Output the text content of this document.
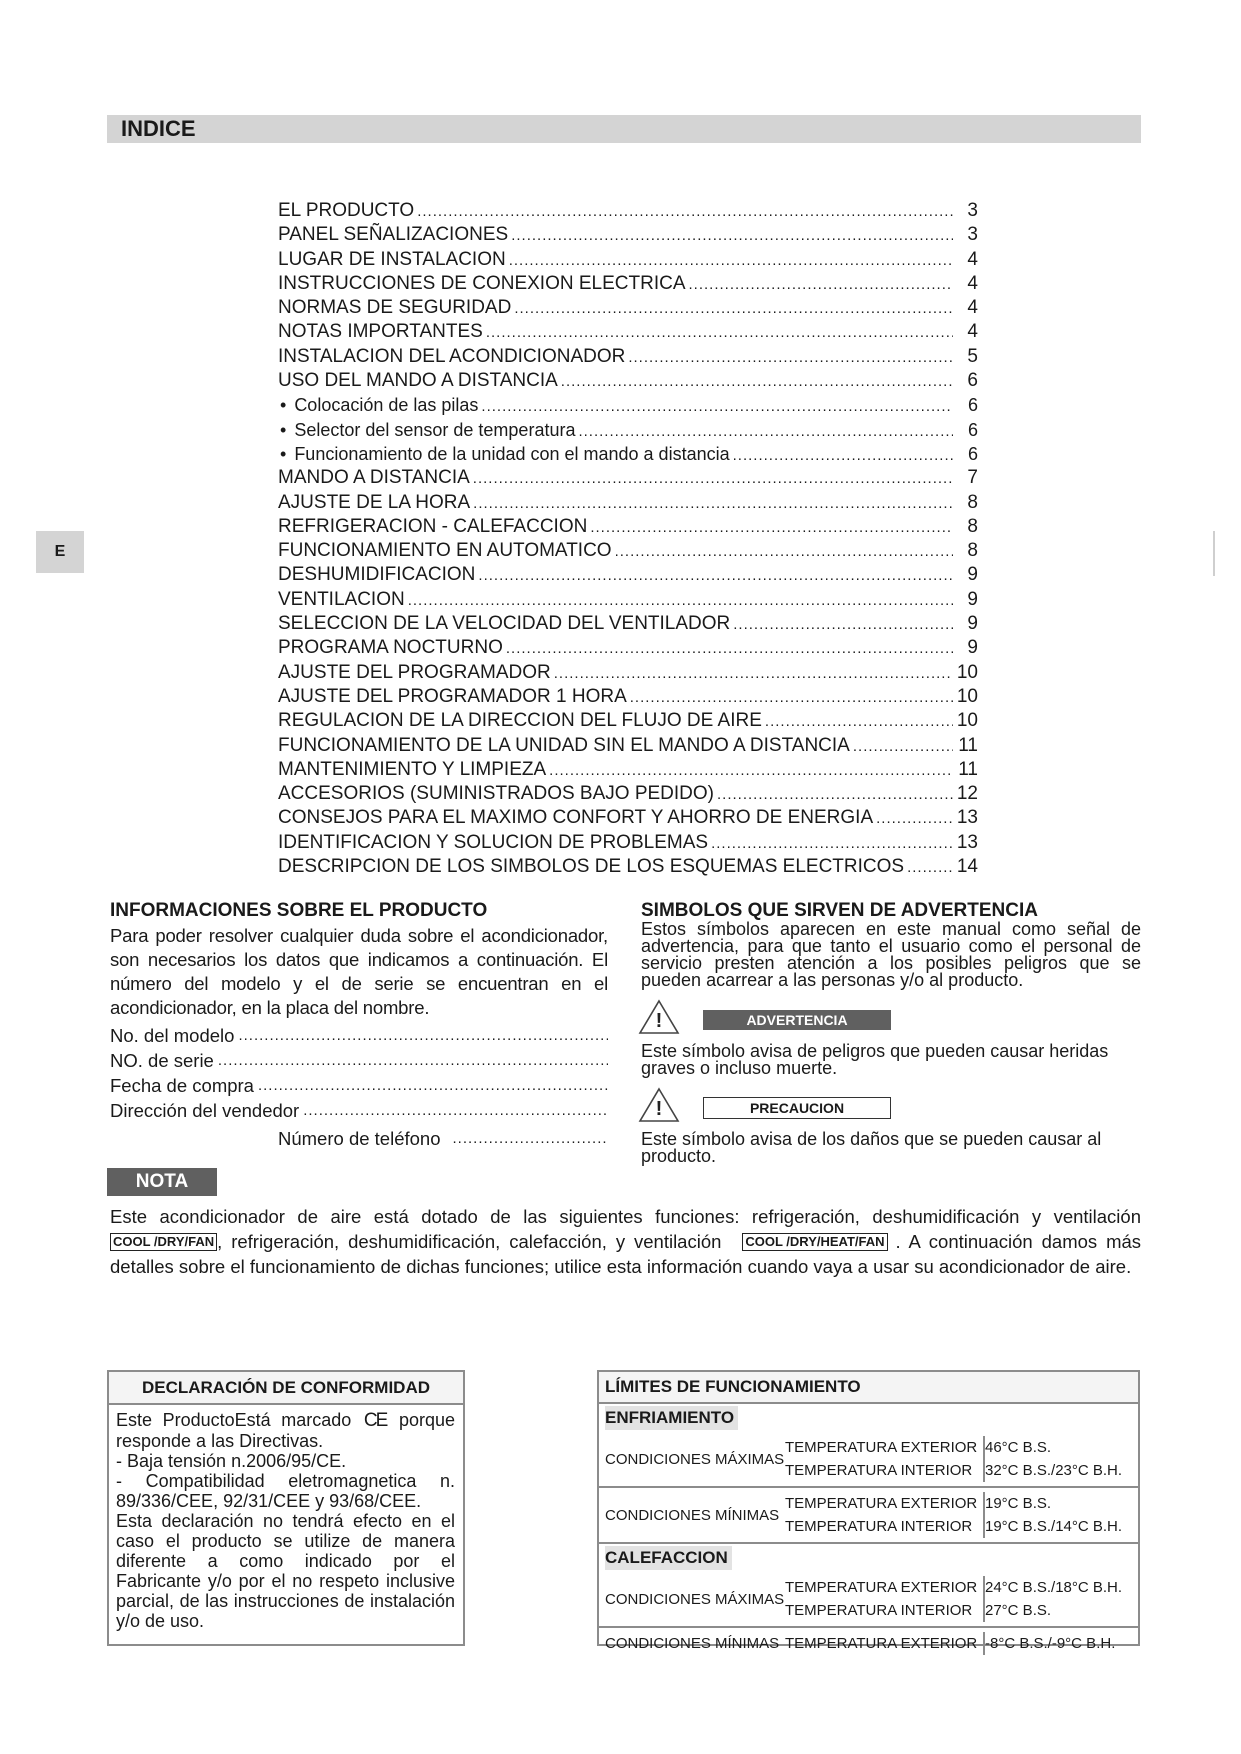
INDICE
E
EL PRODUCTO .....	3
PANEL SEÑALIZACIONES .....	3
LUGAR DE INSTALACION .....	4
INSTRUCCIONES DE CONEXION ELECTRICA .....	4
NORMAS DE SEGURIDAD .....	4
NOTAS IMPORTANTES .....	4
INSTALACION DEL ACONDICIONADOR .....	5
USO DEL MANDO A DISTANCIA .....	6
• Colocación de las pilas .....	6
• Selector del sensor de temperatura .....	6
• Funcionamiento de la unidad con el mando a distancia .....	6
MANDO A DISTANCIA .....	7
AJUSTE DE LA HORA .....	8
REFRIGERACION - CALEFACCION .....	8
FUNCIONAMIENTO EN AUTOMATICO .....	8
DESHUMIDIFICACION .....	9
VENTILACION .....	9
SELECCION DE LA VELOCIDAD DEL VENTILADOR .....	9
PROGRAMA NOCTURNO .....	9
AJUSTE DEL PROGRAMADOR .....	10
AJUSTE DEL PROGRAMADOR 1 HORA .....	10
REGULACION DE LA DIRECCION DEL FLUJO DE AIRE .....	10
FUNCIONAMIENTO DE LA UNIDAD SIN EL MANDO A DISTANCIA .....	11
MANTENIMIENTO Y LIMPIEZA .....	11
ACCESORIOS (SUMINISTRADOS BAJO PEDIDO) .....	12
CONSEJOS PARA EL MAXIMO CONFORT Y AHORRO DE ENERGIA .....	13
IDENTIFICACION Y SOLUCION DE PROBLEMAS .....	13
DESCRIPCION DE LOS SIMBOLOS DE LOS ESQUEMAS ELECTRICOS .....	14
INFORMACIONES SOBRE EL PRODUCTO
Para poder resolver cualquier duda sobre el acondicionador, son necesarios los datos que indicamos a continuación. El número del modelo y el de serie se encuentran en el acondicionador, en la placa del nombre.
No. del modelo
.....
NO. de serie
.....
Fecha de compra
.....
Dirección del vendedor
.....
Número de teléfono
.....
SIMBOLOS QUE SIRVEN DE ADVERTENCIA
Estos símbolos aparecen en este manual como señal de advertencia, para que tanto el usuario como el personal de servicio presten atención a los posibles peligros que se pueden acarrear a las personas y/o al producto.
!	ADVERTENCIA
Este símbolo avisa de peligros que pueden causar heridas graves o incluso muerte.
!	PRECAUCION
Este símbolo avisa de los daños que se pueden causar al producto.
NOTA
Este acondicionador de aire está dotado de las siguientes funciones: refrigeración, deshumidificación y ventilación COOL /DRY/FAN , refrigeración, deshumidificación, calefacción, y ventilación COOL /DRY/HEAT/FAN . A continuación damos más detalles sobre el funcionamiento de dichas funciones; utilice esta información cuando vaya a usar su acondicionador de aire.
DECLARACIÓN DE CONFORMIDAD

Este ProductoEstá marcado CE porque responde a las Directivas.

- Baja tensión n.2006/95/CE.

- Compatibilidad eletromagnetica n. 89/336/CEE, 92/31/CEE y 93/68/CEE.

Esta declaración no tendrá efecto en el caso el producto se utilize de manera diferente a como indicado por el Fabricante y/o por el no respeto inclusive parcial, de las instrucciones de instalación y/o de uso.

LÍMITES DE FUNCIONAMIENTO	
ENFRIAMIENTO	
CONDICIONES MÁXIMAS	TEMPERATURA EXTERIOR 46°C B.S.
TEMPERATURA INTERIOR 32°C B.S./23°C B.H.

CONDICIONES MÍNIMAS	TEMPERATURA EXTERIOR 19°C B.S.
TEMPERATURA INTERIOR 19°C B.S./14°C B.H.

CALEFACCION	
CONDICIONES MÁXIMAS	TEMPERATURA EXTERIOR 24°C B.S./18°C B.H.
TEMPERATURA INTERIOR 27°C B.S.

CONDICIONES MÍNIMAS	TEMPERATURA EXTERIOR -8°C B.S./-9°C B.H.
